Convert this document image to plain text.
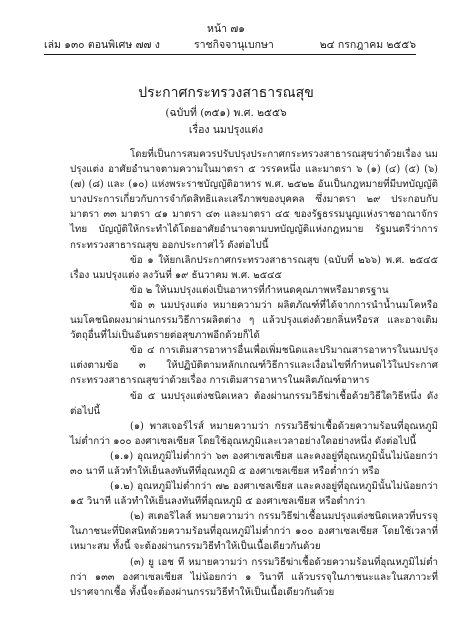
หน้า ๗๑
เล่ม ๑๓๐ ตอนพิเศษ ๗๗ ง	ราชกิจจานุเบกษา	๒๔ กรกฎาคม ๒๕๕๖
ประกาศกระทรวงสาธารณสุข
(ฉบับที่ (๓๕๑) พ.ศ. ๒๕๕๖
เรื่อง นมปรุงแต่ง

โดยที่เป็นการสมควรปรับปรุงประกาศกระทรวงสาธารณสุขว่าด้วยเรื่อง นมปรุงแต่ง อาศัยอำนาจตามความในมาตรา ๕ วรรคหนึ่ง และมาตรา ๖ (๑) (๔) (๕) (๖) (๗) (๘) และ (๑๐) แห่งพระราชบัญญัติอาหาร พ.ศ. ๒๕๒๒ อันเป็นกฎหมายที่มีบทบัญญัติบางประการเกี่ยวกับการจำกัดสิทธิและเสรีภาพของบุคคล ซึ่งมาตรา ๒๙ ประกอบกับมาตรา ๓๓ มาตรา ๔๑ มาตรา ๔๓ และมาตรา ๔๕ ของรัฐธรรมนูญแห่งราชอาณาจักรไทย บัญญัติให้กระทำได้โดยอาศัยอำนาจตามบทบัญญัติแห่งกฎหมาย รัฐมนตรีว่าการกระทรวงสาธารณสุข ออกประกาศไว้ ดังต่อไปนี้

ข้อ ๑ ให้ยกเลิกประกาศกระทรวงสาธารณสุข (ฉบับที่ ๒๖๖) พ.ศ. ๒๕๔๕ เรื่อง นมปรุงแต่ง ลงวันที่ ๑๙ ธันวาคม พ.ศ. ๒๕๔๕

ข้อ ๒ ให้นมปรุงแต่งเป็นอาหารที่กำหนดคุณภาพหรือมาตรฐาน

ข้อ ๓ นมปรุงแต่ง หมายความว่า ผลิตภัณฑ์ที่ได้จากการนำน้ำนมโคหรือนมโคชนิดผงมาผ่านกรรมวิธีการผลิตต่าง ๆ แล้วปรุงแต่งด้วยกลิ่นหรือรส และอาจเติมวัตถุอื่นที่ไม่เป็นอันตรายต่อสุขภาพอีกด้วยก็ได้

ข้อ ๔ การเติมสารอาหารอื่นเพื่อเพิ่มชนิดและปริมาณสารอาหารในนมปรุงแต่งตามข้อ ๓ ให้ปฏิบัติตามหลักเกณฑ์วิธีการและเงื่อนไขที่กำหนดไว้ในประกาศกระทรวงสาธารณสุขว่าด้วยเรื่อง การเติมสารอาหารในผลิตภัณฑ์อาหาร

ข้อ ๕ นมปรุงแต่งชนิดเหลว ต้องผ่านกรรมวิธีฆ่าเชื้อด้วยวิธีใดวิธีหนึ่ง ดังต่อไปนี้

(๑) พาสเจอร์ไรส์ หมายความว่า กรรมวิธีฆ่าเชื้อด้วยความร้อนที่อุณหภูมิไม่ต่ำกว่า ๑๐๐ องศาเซลเซียส โดยใช้อุณหภูมิและเวลาอย่างใดอย่างหนึ่ง ดังต่อไปนี้

(๑.๑) อุณหภูมิไม่ต่ำกว่า ๖๓ องศาเซลเซียส และคงอยู่ที่อุณหภูมินั้นไม่น้อยกว่า ๓๐ นาที แล้วทำให้เย็นลงทันทีที่อุณหภูมิ ๕ องศาเซลเซียส หรือต่ำกว่า หรือ

(๑.๒) อุณหภูมิไม่ต่ำกว่า ๗๒ องศาเซลเซียส และคงอยู่ที่อุณหภูมินั้นไม่น้อยกว่า ๑๕ วินาที แล้วทำให้เย็นลงทันทีที่อุณหภูมิ ๕ องศาเซลเซียส หรือต่ำกว่า

(๒) สเตอริไลส์ หมายความว่า กรรมวิธีฆ่าเชื้อนมปรุงแต่งชนิดเหลวที่บรรจุในภาชนะที่ปิดสนิทด้วยความร้อนที่อุณหภูมิไม่ต่ำกว่า ๑๐๐ องศาเซลเซียส โดยใช้เวลาที่เหมาะสม ทั้งนี้ จะต้องผ่านกรรมวิธีทำให้เป็นเนื้อเดียวกันด้วย

(๓) ยู เอช ที หมายความว่า กรรมวิธีฆ่าเชื้อด้วยความร้อนที่อุณหภูมิไม่ต่ำกว่า ๑๓๓ องศาเซลเซียส ไม่น้อยกว่า ๑ วินาที แล้วบรรจุในภาชนะและในสภาวะที่ปราศจากเชื้อ ทั้งนี้จะต้องผ่านกรรมวิธีทำให้เป็นเนื้อเดียวกันด้วย
